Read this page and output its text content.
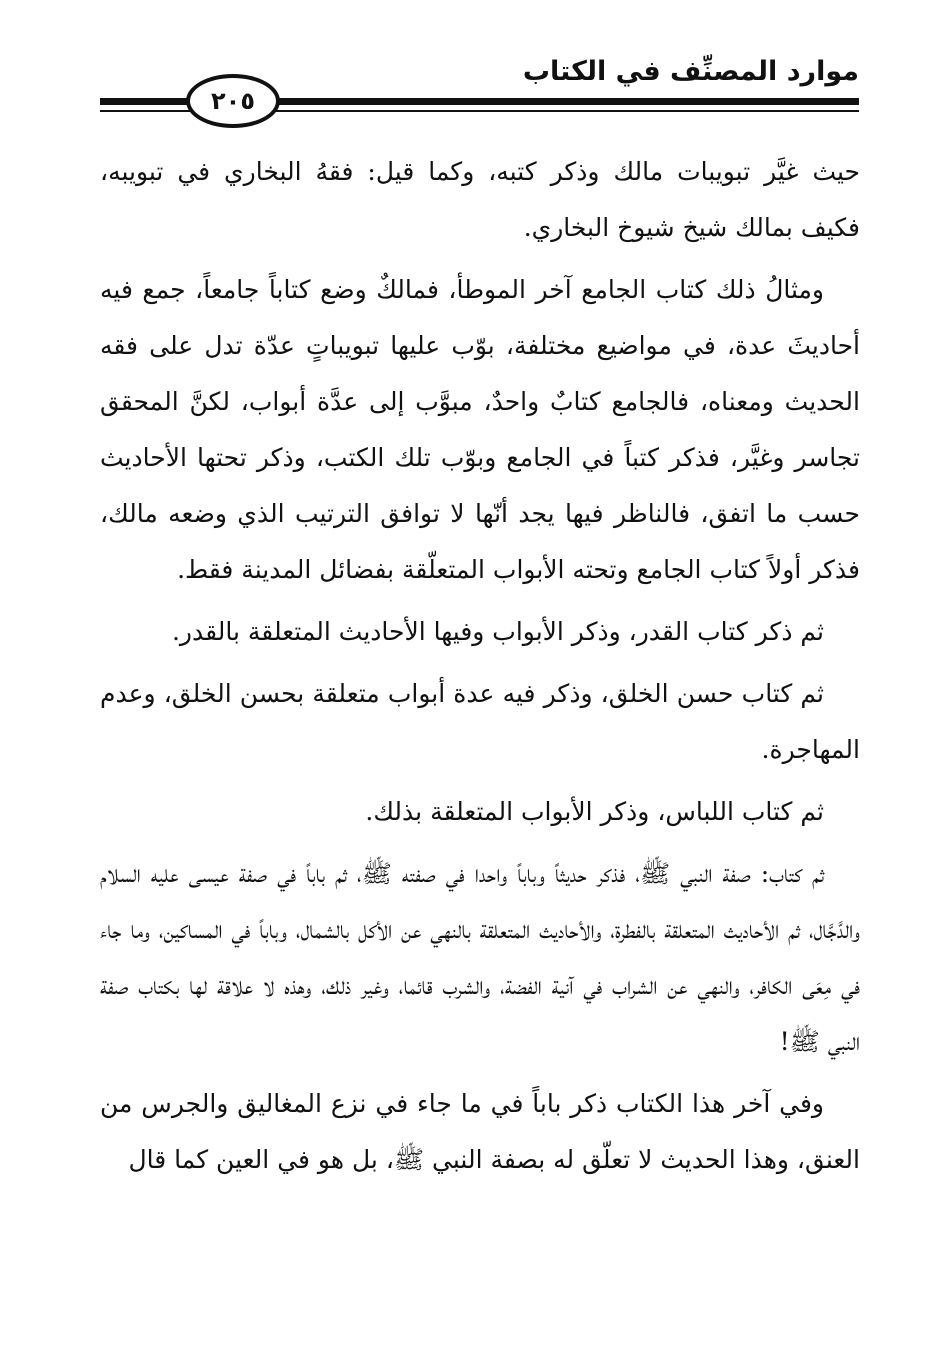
موارد المصنِّف في الكتاب
٢٠٥

حيث غيَّر تبويبات مالك وذكر كتبه، وكما قيل: فقهُ البخاري في تبويبه، فكيف بمالك شيخ شيوخ البخاري.

ومثالُ ذلك كتاب الجامع آخر الموطأ، فمالكٌ وضع كتاباً جامعاً، جمع فيه أحاديثَ عدة، في مواضيع مختلفة، بوّب عليها تبويباتٍ عدّة تدل على فقه الحديث ومعناه، فالجامع كتابٌ واحدٌ، مبوَّب إلى عدَّة أبواب، لكنَّ المحقق تجاسر وغيَّر، فذكر كتباً في الجامع وبوّب تلك الكتب، وذكر تحتها الأحاديث حسب ما اتفق، فالناظر فيها يجد أنّها لا توافق الترتيب الذي وضعه مالك، فذكر أولاً كتاب الجامع وتحته الأبواب المتعلّقة بفضائل المدينة فقط.

ثم ذكر كتاب القدر، وذكر الأبواب وفيها الأحاديث المتعلقة بالقدر.

ثم كتاب حسن الخلق، وذكر فيه عدة أبواب متعلقة بحسن الخلق، وعدم المهاجرة.

ثم كتاب اللباس، وذكر الأبواب المتعلقة بذلك.

ثم كتاب: صفة النبي ﷺ، فذكر حديثاً وباباً واحدا في صفته ﷺ، ثم باباً في صفة عيسى عليه السلام والدَّجَّال، ثم الأحاديث المتعلقة بالفطرة، والأحاديث المتعلقة بالنهي عن الأكل بالشمال، وباباً في المساكين، وما جاء في مِعَى الكافر، والنهي عن الشراب في آنية الفضة، والشرب قائما، وغير ذلك، وهذه لا علاقة لها بكتاب صفة النبي ﷺ!

وفي آخر هذا الكتاب ذكر باباً في ما جاء في نزع المغاليق والجرس من العنق، وهذا الحديث لا تعلّق له بصفة النبي ﷺ، بل هو في العين كما قال
